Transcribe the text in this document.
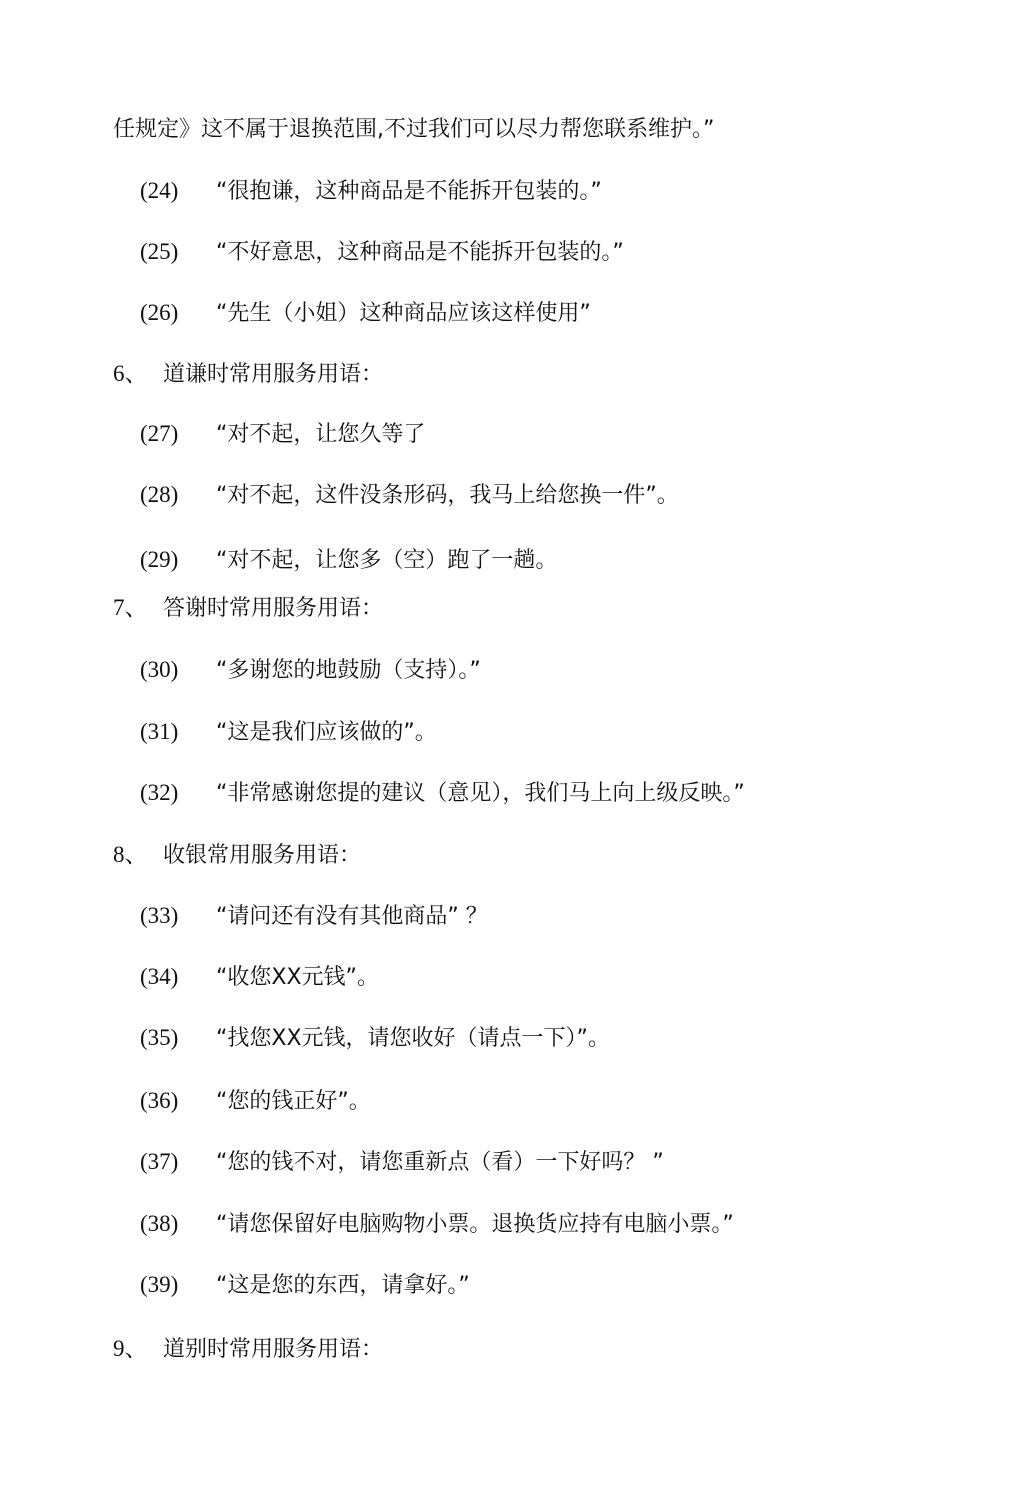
任规定》这不属于退换范围,不过我们可以尽力帮您联系维护。”
(24) “很抱谦，这种商品是不能拆开包装的。”
(25) “不好意思，这种商品是不能拆开包装的。”
(26) “先生（小姐）这种商品应该这样使用”
6、 道谦时常用服务用语：
(27) “对不起，让您久等了
(28) “对不起，这件没条形码，我马上给您换一件”。
(29) “对不起，让您多（空）跑了一趟。
7、 答谢时常用服务用语：
(30) “多谢您的地鼓励（支持）。”
(31) “这是我们应该做的”。
(32) “非常感谢您提的建议（意见），我们马上向上级反映。”
8、 收银常用服务用语：
(33) “请问还有没有其他商品” ？
(34) “收您XX元钱”。
(35) “找您XX元钱，请您收好（请点一下）”。
(36) “您的钱正好”。
(37) “您的钱不对，请您重新点（看）一下好吗？ ”
(38) “请您保留好电脑购物小票。退换货应持有电脑小票。”
(39) “这是您的东西，请拿好。”
9、 道别时常用服务用语：
